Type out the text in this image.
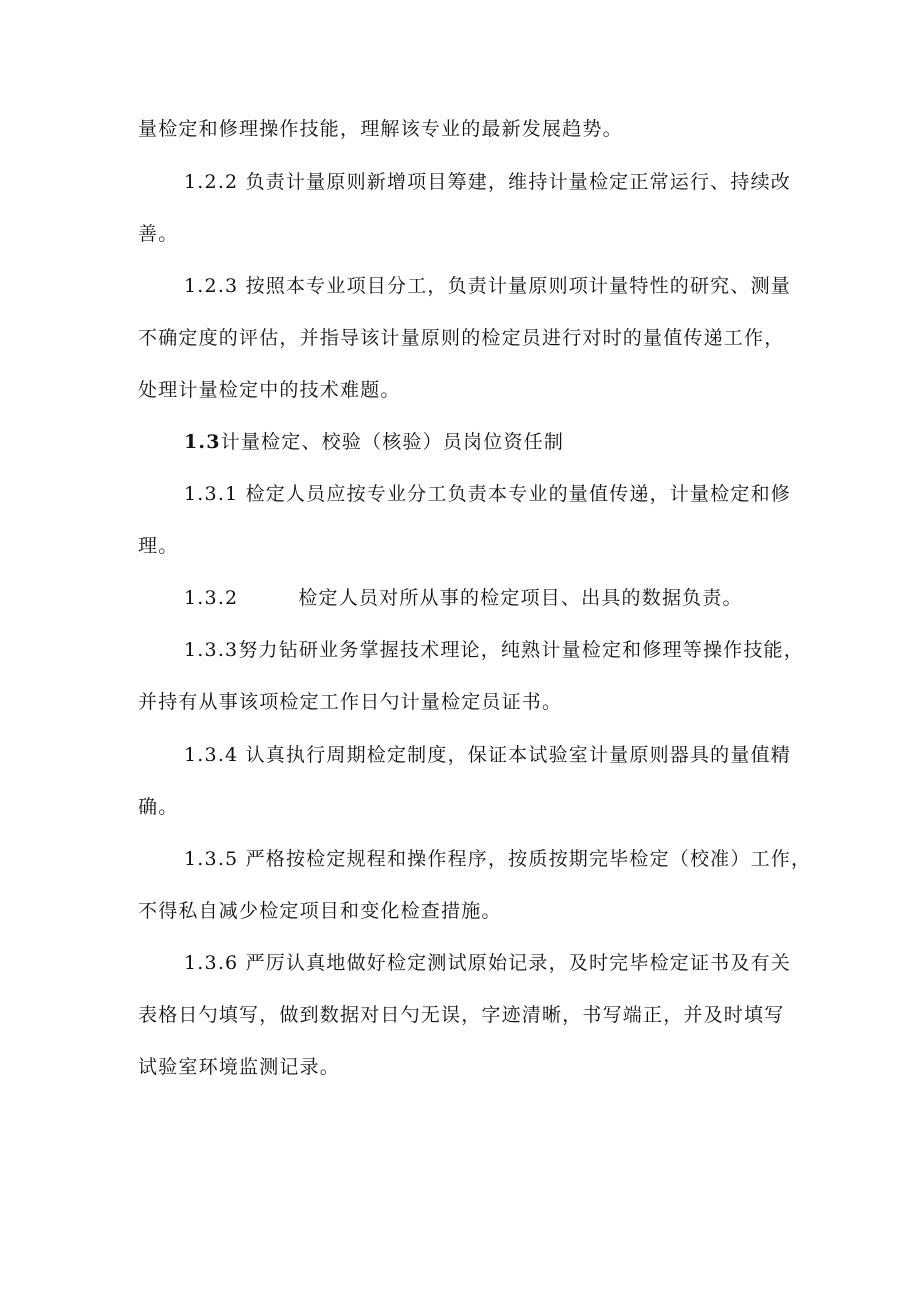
量检定和修理操作技能，理解该专业的最新发展趋势。
1.2.2 负责计量原则新增项目筹建，维持计量检定正常运行、持续改
善。
1.2.3 按照本专业项目分工，负责计量原则项计量特性的研究、测量
不确定度的评估，并指导该计量原则的检定员进行对时的量值传递工作，
处理计量检定中的技术难题。
1.3计量检定、校验（核验）员岗位资任制
1.3.1 检定人员应按专业分工负责本专业的量值传递，计量检定和修
理。
1.3.2	检定人员对所从事的检定项目、出具的数据负责。
1.3.3努力钻研业务掌握技术理论，纯熟计量检定和修理等操作技能，
并持有从事该项检定工作日勺计量检定员证书。
1.3.4 认真执行周期检定制度，保证本试验室计量原则器具的量值精
确。
1.3.5 严格按检定规程和操作程序，按质按期完毕检定（校准）工作，
不得私自减少检定项目和变化检查措施。
1.3.6 严厉认真地做好检定测试原始记录，及时完毕检定证书及有关
表格日勺填写，做到数据对日勺无误，字迹清晰，书写端正，并及时填写
试验室环境监测记录。
